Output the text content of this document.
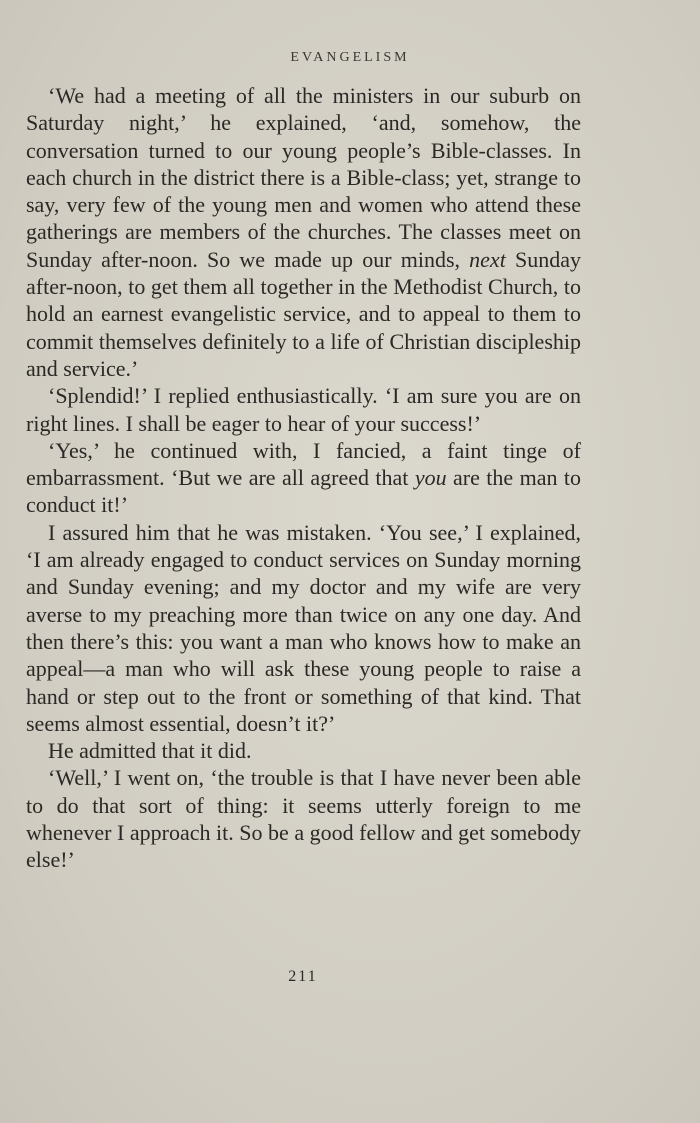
EVANGELISM

‘We had a meeting of all the ministers in our suburb on Saturday night,’ he explained, ‘and, somehow, the conversation turned to our young people’s Bible-classes. In each church in the district there is a Bible-class; yet, strange to say, very few of the young men and women who attend these gatherings are members of the churches. The classes meet on Sunday after-noon. So we made up our minds, next Sunday after-noon, to get them all together in the Methodist Church, to hold an earnest evangelistic service, and to appeal to them to commit themselves definitely to a life of Christian discipleship and service.’

‘Splendid!’ I replied enthusiastically. ‘I am sure you are on right lines. I shall be eager to hear of your success!’

‘Yes,’ he continued with, I fancied, a faint tinge of embarrassment. ‘But we are all agreed that you are the man to conduct it!’

I assured him that he was mistaken. ‘You see,’ I explained, ‘I am already engaged to conduct services on Sunday morning and Sunday evening; and my doctor and my wife are very averse to my preaching more than twice on any one day. And then there’s this: you want a man who knows how to make an appeal—a man who will ask these young people to raise a hand or step out to the front or something of that kind. That seems almost essential, doesn’t it?’

He admitted that it did.

‘Well,’ I went on, ‘the trouble is that I have never been able to do that sort of thing: it seems utterly foreign to me whenever I approach it. So be a good fellow and get somebody else!’

211
